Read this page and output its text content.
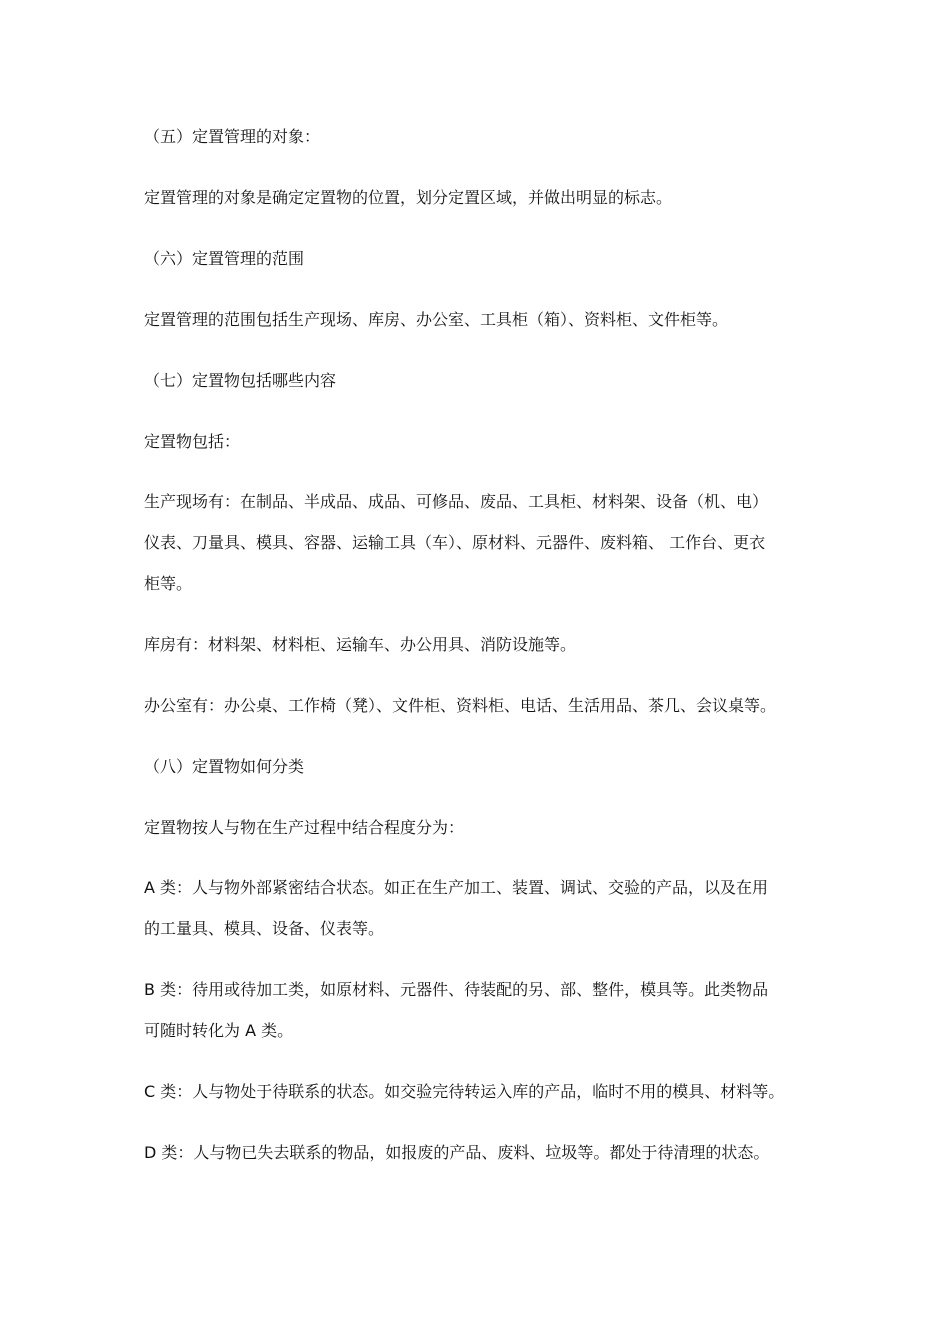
（五）定置管理的对象：
定置管理的对象是确定定置物的位置，划分定置区域，并做出明显的标志。
（六）定置管理的范围
定置管理的范围包括生产现场、库房、办公室、工具柜（箱）、资料柜、文件柜等。
（七）定置物包括哪些内容
定置物包括：
生产现场有：在制品、半成品、成品、可修品、废品、工具柜、材料架、设备（机、电）
仪表、刀量具、模具、容器、运输工具（车）、原材料、元器件、废料箱、 工作台、更衣
柜等。
库房有：材料架、材料柜、运输车、办公用具、消防设施等。
办公室有：办公桌、工作椅（凳）、文件柜、资料柜、电话、生活用品、茶几、会议桌等。
（八）定置物如何分类
定置物按人与物在生产过程中结合程度分为：
A 类：人与物外部紧密结合状态。如正在生产加工、装置、调试、交验的产品，以及在用
的工量具、模具、设备、仪表等。
B 类：待用或待加工类，如原材料、元器件、待装配的另、部、整件，模具等。此类物品
可随时转化为 A 类。
C 类：人与物处于待联系的状态。如交验完待转运入库的产品，临时不用的模具、材料等。
D 类：人与物已失去联系的物品，如报废的产品、废料、垃圾等。都处于待清理的状态。
